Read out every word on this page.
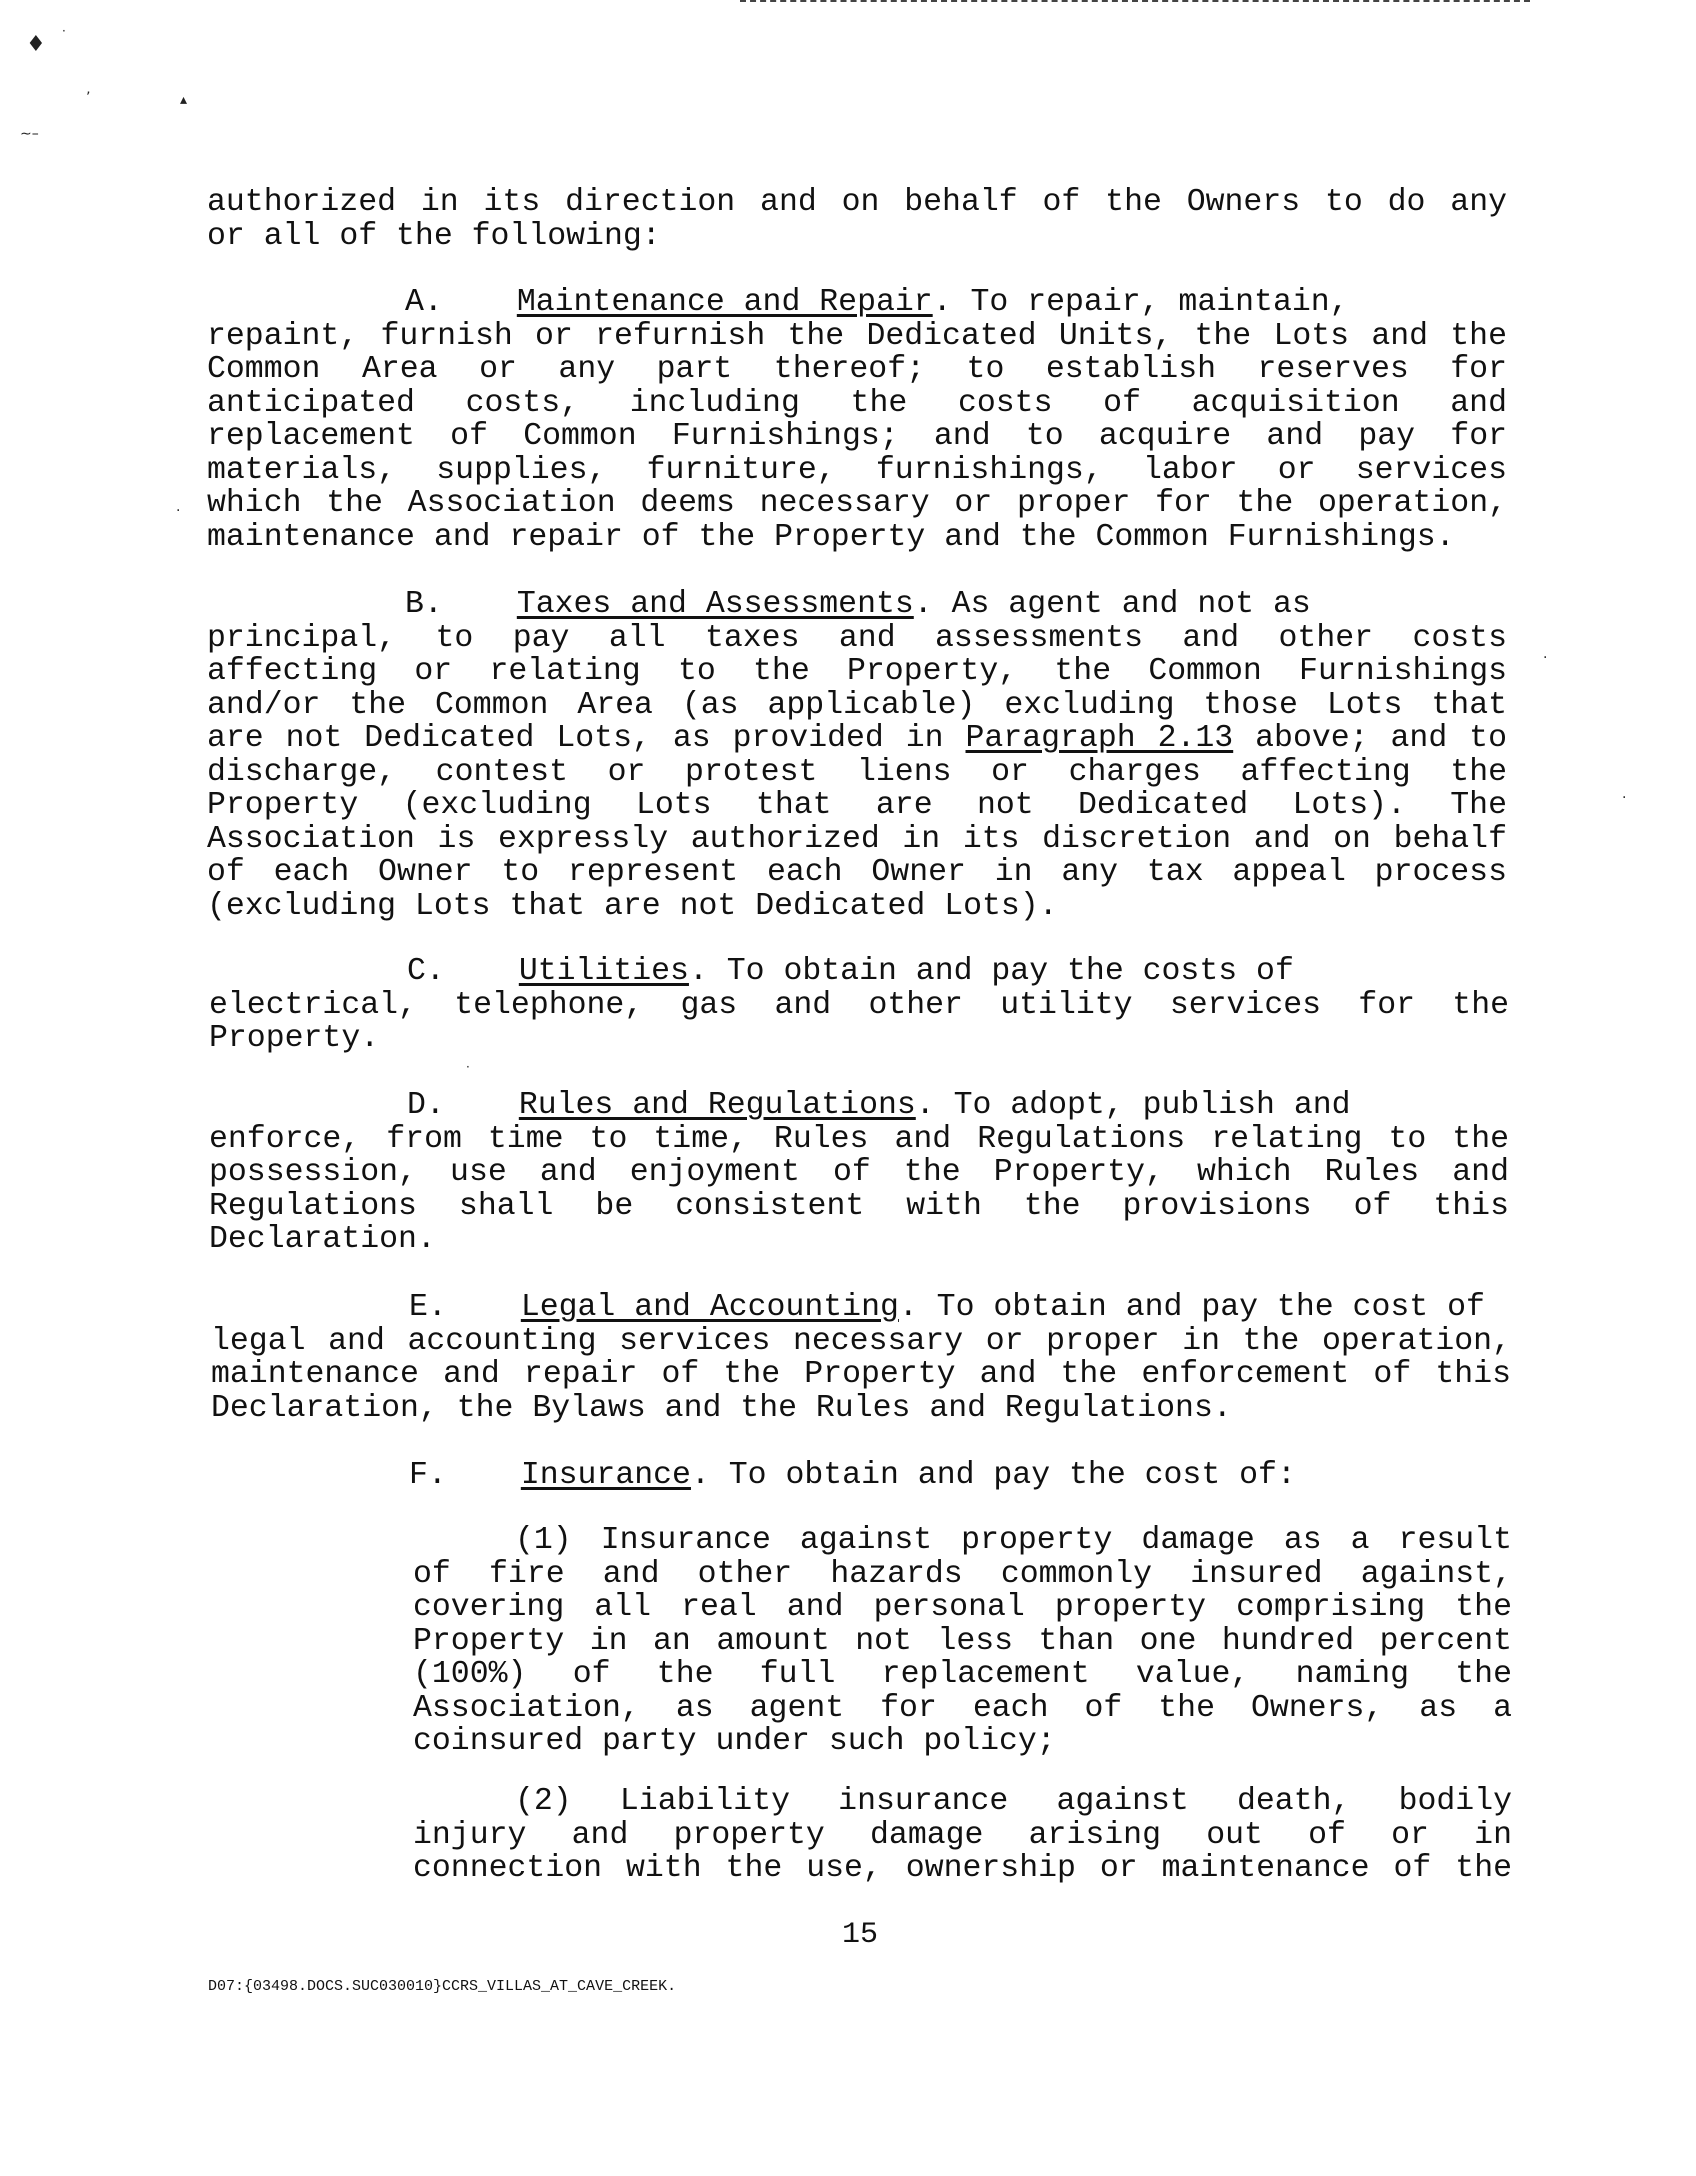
♦
·
’	▴
∼–
·
·
·
·
authorized in its direction and on behalf of the Owners to do any
or all of the following:
A. Maintenance and Repair. To repair, maintain,
repaint, furnish or refurnish the Dedicated Units, the Lots and the
Common Area or any part thereof; to establish reserves for
anticipated costs, including the costs of acquisition and
replacement of Common Furnishings; and to acquire and pay for
materials, supplies, furniture, furnishings, labor or services
which the Association deems necessary or proper for the operation,
maintenance and repair of the Property and the Common Furnishings.
B. Taxes and Assessments. As agent and not as
principal, to pay all taxes and assessments and other costs
affecting or relating to the Property, the Common Furnishings
and/or the Common Area (as applicable) excluding those Lots that
are not Dedicated Lots, as provided in Paragraph 2.13 above; and to
discharge, contest or protest liens or charges affecting the
Property (excluding Lots that are not Dedicated Lots). The
Association is expressly authorized in its discretion and on behalf
of each Owner to represent each Owner in any tax appeal process
(excluding Lots that are not Dedicated Lots).
C. Utilities. To obtain and pay the costs of
electrical, telephone, gas and other utility services for the
Property.
D. Rules and Regulations. To adopt, publish and
enforce, from time to time, Rules and Regulations relating to the
possession, use and enjoyment of the Property, which Rules and
Regulations shall be consistent with the provisions of this
Declaration.
E. Legal and Accounting. To obtain and pay the cost of
legal and accounting services necessary or proper in the operation,
maintenance and repair of the Property and the enforcement of this
Declaration, the Bylaws and the Rules and Regulations.
F. Insurance. To obtain and pay the cost of:
(1) Insurance against property damage as a result
of fire and other hazards commonly insured against,
covering all real and personal property comprising the
Property in an amount not less than one hundred percent
(100%) of the full replacement value, naming the
Association, as agent for each of the Owners, as a
coinsured party under such policy;
(2) Liability insurance against death, bodily
injury and property damage arising out of or in
connection with the use, ownership or maintenance of the
15
D07:{03498.DOCS.SUC030010}CCRS_VILLAS_AT_CAVE_CREEK.
